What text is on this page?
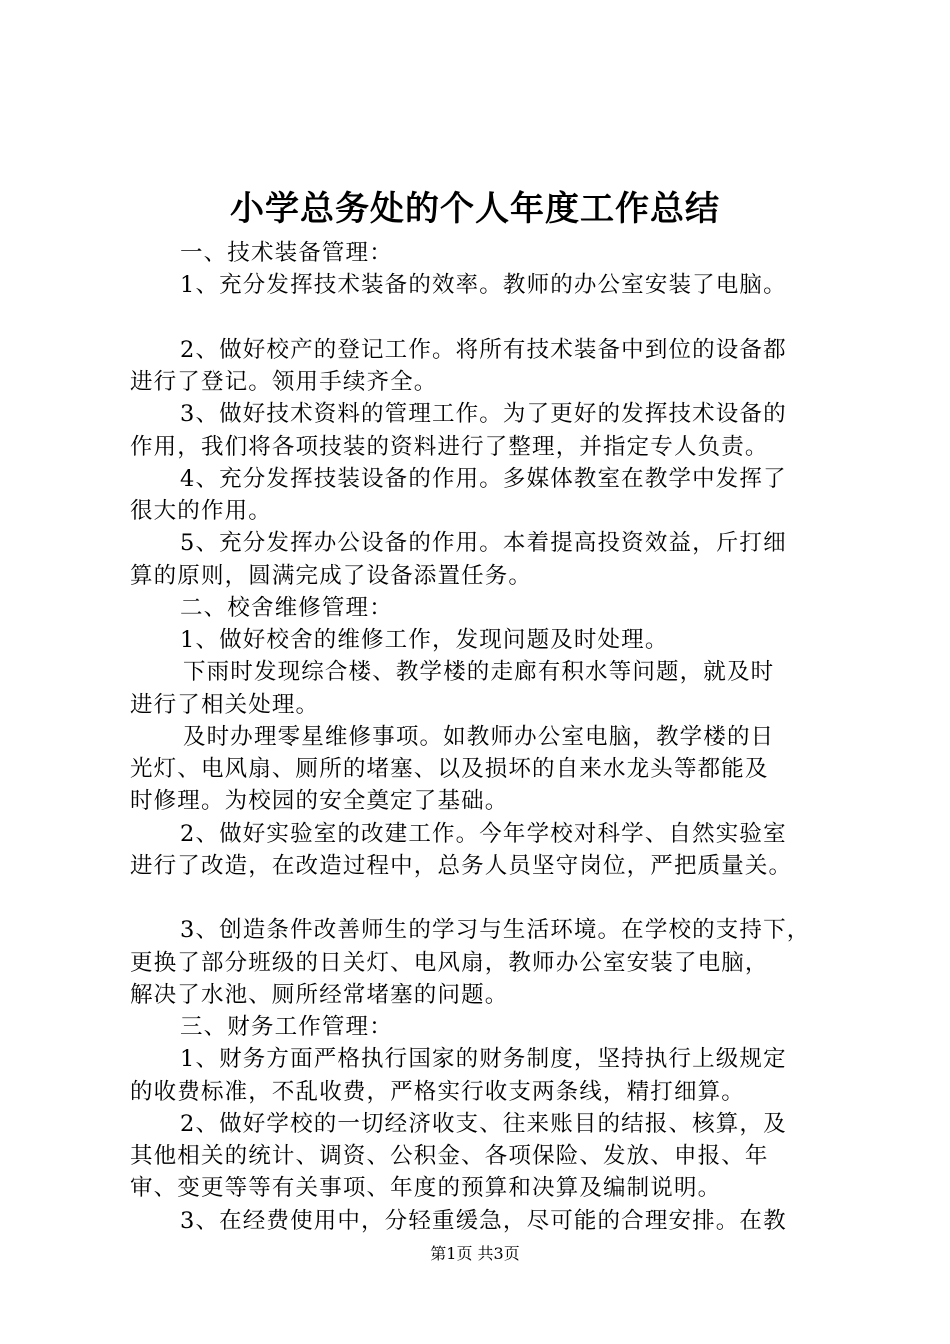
小学总务处的个人年度工作总结
一、技术装备管理：
1、充分发挥技术装备的效率。教师的办公室安装了电脑。
2、做好校产的登记工作。将所有技术装备中到位的设备都
进行了登记。领用手续齐全。
3、做好技术资料的管理工作。为了更好的发挥技术设备的
作用，我们将各项技装的资料进行了整理，并指定专人负责。
4、充分发挥技装设备的作用。多媒体教室在教学中发挥了
很大的作用。
5、充分发挥办公设备的作用。本着提高投资效益，斤打细
算的原则，圆满完成了设备添置任务。
二、校舍维修管理：
1、做好校舍的维修工作，发现问题及时处理。
下雨时发现综合楼、教学楼的走廊有积水等问题，就及时
进行了相关处理。
及时办理零星维修事项。如教师办公室电脑，教学楼的日
光灯、电风扇、厕所的堵塞、以及损坏的自来水龙头等都能及
时修理。为校园的安全奠定了基础。
2、做好实验室的改建工作。今年学校对科学、自然实验室
进行了改造，在改造过程中，总务人员坚守岗位，严把质量关。
3、创造条件改善师生的学习与生活环境。在学校的支持下，
更换了部分班级的日关灯、电风扇，教师办公室安装了电脑，
解决了水池、厕所经常堵塞的问题。
三、财务工作管理：
1、财务方面严格执行国家的财务制度，坚持执行上级规定
的收费标准，不乱收费，严格实行收支两条线，精打细算。
2、做好学校的一切经济收支、往来账目的结报、核算，及
其他相关的统计、调资、公积金、各项保险、发放、申报、年
审、变更等等有关事项、年度的预算和决算及编制说明。
3、在经费使用中，分轻重缓急，尽可能的合理安排。在教
第1页 共3页
